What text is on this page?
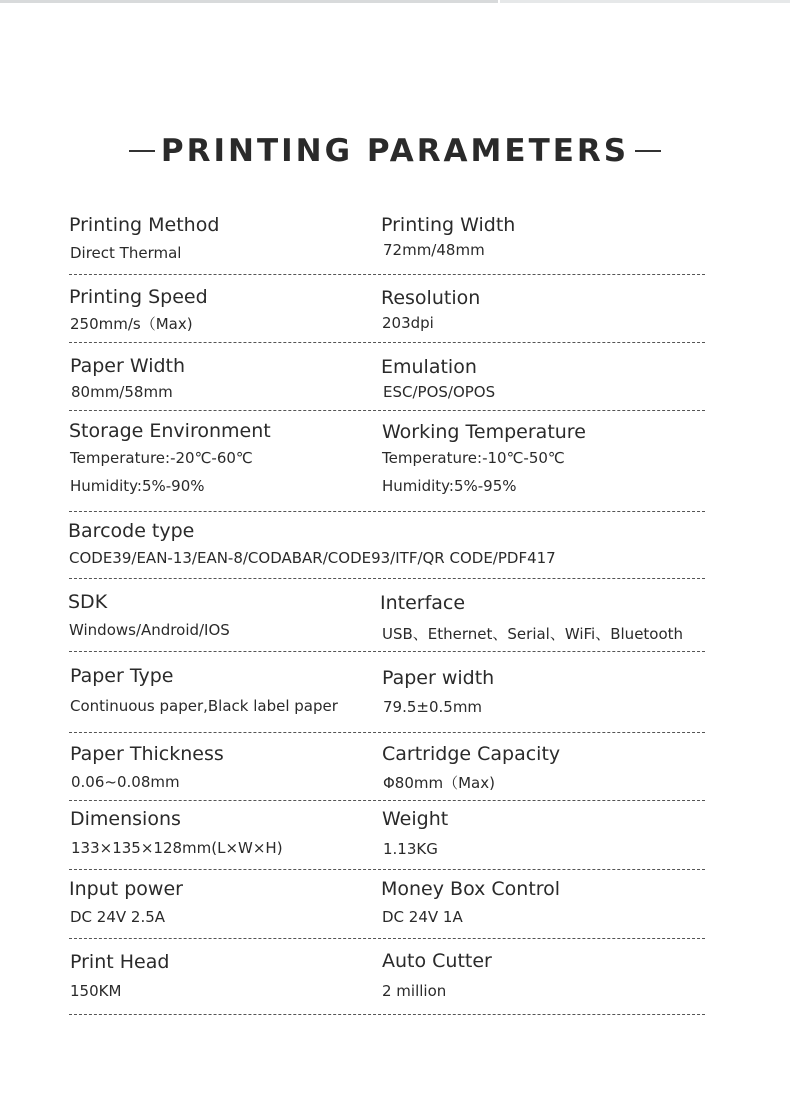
PRINTING PARAMETERS
Printing Method
Direct Thermal
Printing Width
72mm/48mm
Printing Speed
250mm/s（Max)
Resolution
203dpi
Paper Width
80mm/58mm
Emulation
ESC/POS/OPOS
Storage Environment
Temperature:-20℃-60℃
Humidity:5%-90%
Working Temperature
Temperature:-10℃-50℃
Humidity:5%-95%
Barcode type
CODE39/EAN-13/EAN-8/CODABAR/CODE93/ITF/QR CODE/PDF417
SDK
Windows/Android/IOS
Interface
USB、Ethernet、Serial、WiFi、Bluetooth
Paper Type
Continuous paper,Black label paper
Paper width
79.5±0.5mm
Paper Thickness
0.06~0.08mm
Cartridge Capacity
Φ80mm（Max)
Dimensions
133×135×128mm(L×W×H)
Weight
1.13KG
Input power
DC 24V 2.5A
Money Box Control
DC 24V 1A
Print Head
150KM
Auto Cutter
2 million
